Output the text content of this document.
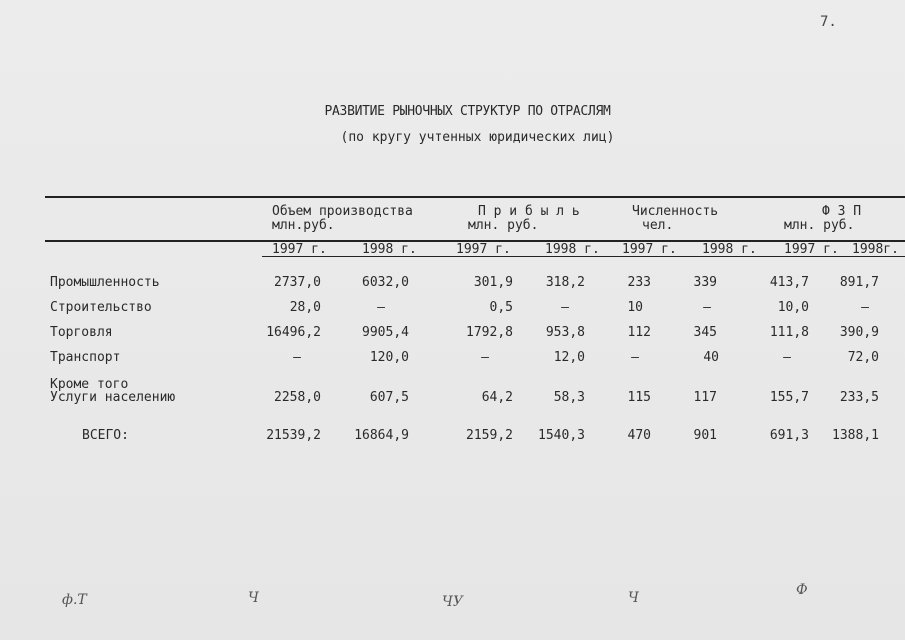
7.
РАЗВИТИЕ РЫНОЧНЫХ СТРУКТУР ПО ОТРАСЛЯМ
(по кругу учтенных юридических лиц)
Объем производства
млн.руб.
П р и б ы л ь
млн. руб.
Численность
чел.
Ф З П
млн. руб.
1997 г.	1998 г.	1997 г.	1998 г. 1997 г. 1998 г. 1997 г. 1998г.
Промышленность	2737,0	6032,0	301,9	318,2	233	339	413,7 891,7
Строительство	28,0	–	0,5	–	10	–	10,0	–
Торговля	16496,2	9905,4	1792,8	953,8	112	345	111,8 390,9
Транспорт	–	120,0	–	12,0	–	40	–	72,0
Кроме того
Услуги населению	2258,0	607,5	64,2	58,3	115	117	155,7 233,5
ВСЕГО:	21539,2	16864,9	2159,2 1540,3	470	901	691,3 1388,1
ф.Т	Ч	ЧУ	Ч	Ф
